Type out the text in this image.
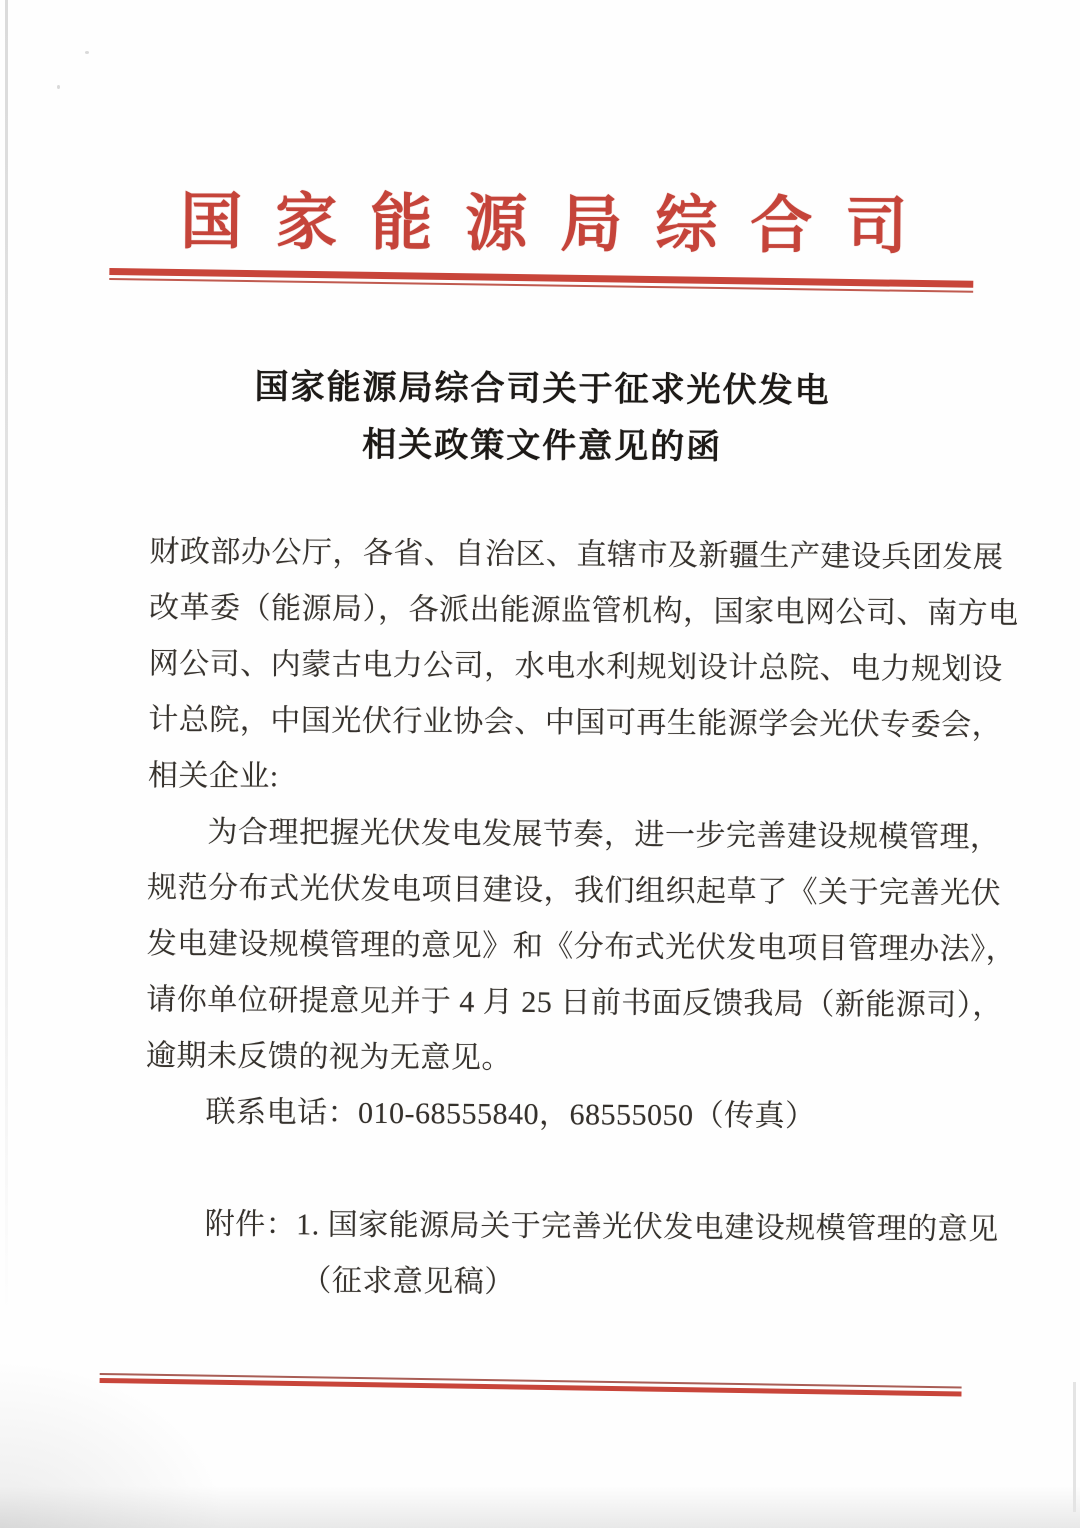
国家能源局综合司
国家能源局综合司关于征求光伏发电
相关政策文件意见的函
财政部办公厅，各省、自治区、直辖市及新疆生产建设兵团发展
改革委（能源局），各派出能源监管机构，国家电网公司、南方电
网公司、内蒙古电力公司，水电水利规划设计总院、电力规划设
计总院，中国光伏行业协会、中国可再生能源学会光伏专委会，
相关企业:
为合理把握光伏发电发展节奏，进一步完善建设规模管理，
规范分布式光伏发电项目建设，我们组织起草了《关于完善光伏
发电建设规模管理的意见》和《分布式光伏发电项目管理办法》，
请你单位研提意见并于 4 月 25 日前书面反馈我局（新能源司），
逾期未反馈的视为无意见。
联系电话：010-68555840，68555050（传真）
附件：1. 国家能源局关于完善光伏发电建设规模管理的意见
（征求意见稿）
